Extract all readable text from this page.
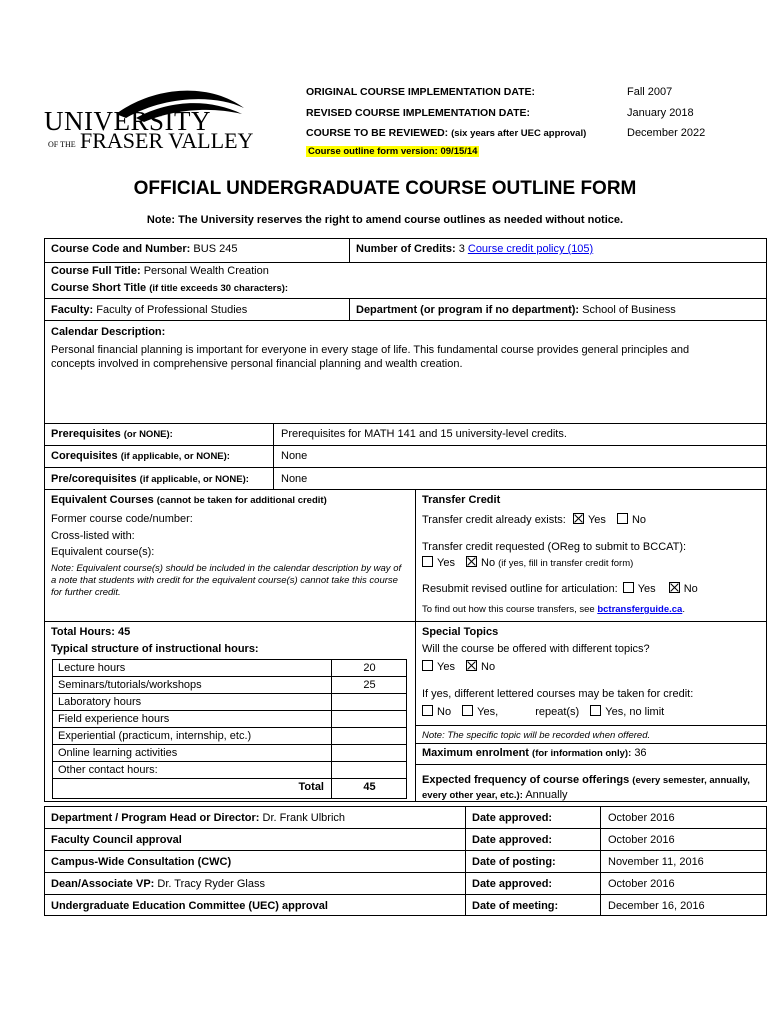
UNIVERSITY
OF THE FRASER VALLEY
ORIGINAL COURSE IMPLEMENTATION DATE:	Fall 2007
REVISED COURSE IMPLEMENTATION DATE:	January 2018
COURSE TO BE REVIEWED: (six years after UEC approval)	December 2022
Course outline form version: 09/15/14
OFFICIAL UNDERGRADUATE COURSE OUTLINE FORM
Note: The University reserves the right to amend course outlines as needed without notice.
Course Code and Number: BUS 245	Number of Credits: 3 Course credit policy (105)
Course Full Title: Personal Wealth Creation
Course Short Title (if title exceeds 30 characters):
Faculty: Faculty of Professional Studies	Department (or program if no department): School of Business
Calendar Description:
Personal financial planning is important for everyone in every stage of life. This fundamental course provides general principles and concepts involved in comprehensive personal financial planning and wealth creation.
Prerequisites (or NONE):	Prerequisites for MATH 141 and 15 university-level credits.
Corequisites (if applicable, or NONE):	None
Pre/corequisites (if applicable, or NONE):	None
Equivalent Courses (cannot be taken for additional credit)
Former course code/number:
Cross-listed with:
Equivalent course(s):
Note: Equivalent course(s) should be included in the calendar description by way of a note that students with credit for the equivalent course(s) cannot take this course for further credit.
Transfer Credit
Transfer credit already exists: Yes No
Transfer credit requested (OReg to submit to BCCAT):
Yes No (if yes, fill in transfer credit form)
Resubmit revised outline for articulation: Yes	No
To find out how this course transfers, see bctransferguide.ca.
Total Hours: 45
Typical structure of instructional hours:
Lecture hours	20
Seminars/tutorials/workshops	25
Laboratory hours
Field experience hours
Experiential (practicum, internship, etc.)
Online learning activities
Other contact hours:
Total	45
Special Topics
Will the course be offered with different topics?
Yes No
If yes, different lettered courses may be taken for credit:
No Yes,	repeat(s) Yes, no limit
Note: The specific topic will be recorded when offered.
Maximum enrolment (for information only): 36
Expected frequency of course offerings (every semester, annually, every other year, etc.): Annually
Department / Program Head or Director: Dr. Frank Ulbrich	Date approved:	October 2016
Faculty Council approval	Date approved:	October 2016
Campus-Wide Consultation (CWC)	Date of posting:	November 11, 2016
Dean/Associate VP: Dr. Tracy Ryder Glass	Date approved:	October 2016
Undergraduate Education Committee (UEC) approval	Date of meeting:	December 16, 2016
